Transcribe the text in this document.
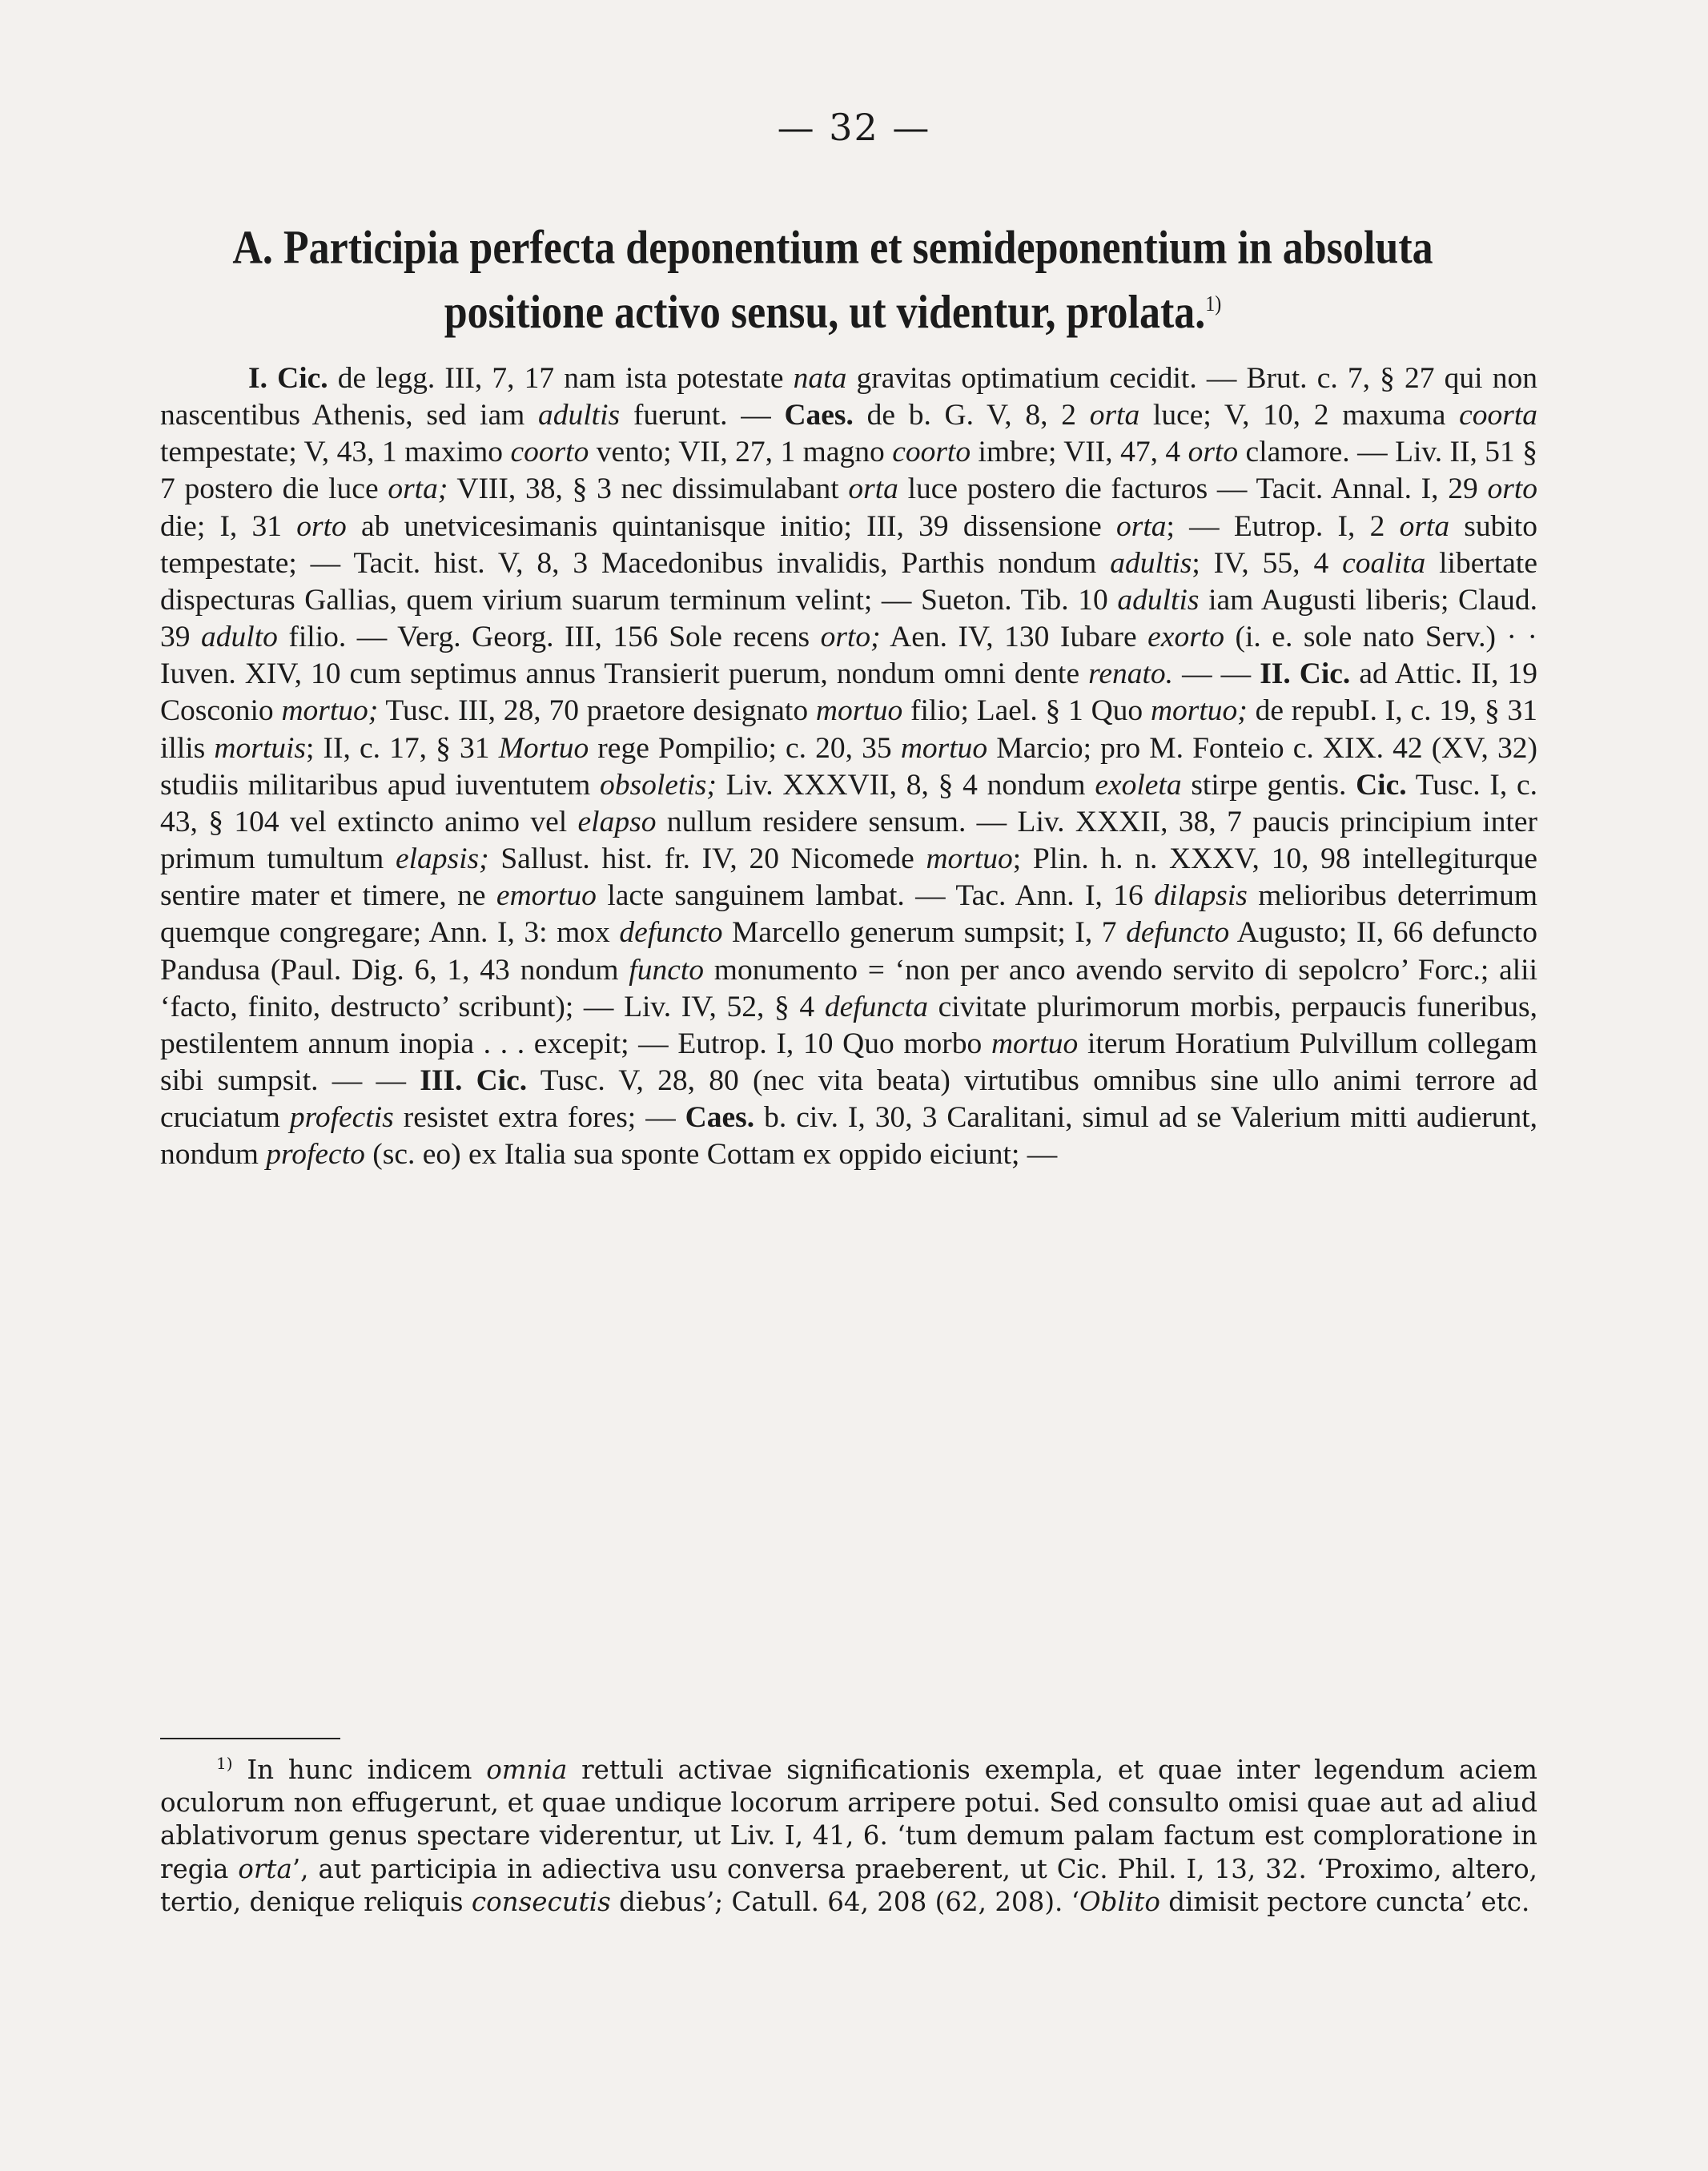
— 32 —
A. Participia perfecta deponentium et semideponentium in absoluta
positione activo sensu, ut videntur, prolata.$^{1)}$

I. Cic. de legg. III, 7, 17 nam ista potestate nata gravitas optimatium cecidit. — Brut. c. 7, § 27 qui non nascentibus Athenis, sed iam adultis fuerunt. — Caes. de b. G. V, 8, 2 orta luce; V, 10, 2 maxuma coorta tempestate; V, 43, 1 maximo coorto vento; VII, 27, 1 magno coorto imbre; VII, 47, 4 orto clamore. — Liv. II, 51 § 7 postero die luce orta; VIII, 38, § 3 nec dissimulabant orta luce postero die facturos — Tacit. Annal. I, 29 orto die; I, 31 orto ab unetvicesimanis quintanisque initio; III, 39 dissensione orta; — Eutrop. I, 2 orta subito tempestate; — Tacit. hist. V, 8, 3 Macedonibus invalidis, Parthis nondum adultis; IV, 55, 4 coalita libertate dispecturas Gallias, quem virium suarum terminum velint; — Sueton. Tib. 10 adultis iam Augusti liberis; Claud. 39 adulto filio. — Verg. Georg. III, 156 Sole recens orto; Aen. IV, 130 Iubare exorto (i. e. sole nato Serv.) · · Iuven. XIV, 10 cum septimus annus Transierit puerum, nondum omni dente renato. — — II. Cic. ad Attic. II, 19 Cosconio mortuo; Tusc. III, 28, 70 praetore designato mortuo filio; Lael. § 1 Quo mortuo; de repubI. I, c. 19, § 31 illis mortuis; II, c. 17, § 31 Mortuo rege Pompilio; c. 20, 35 mortuo Marcio; pro M. Fonteio c. XIX. 42 (XV, 32) studiis militaribus apud iuventutem obsoletis; Liv. XXXVII, 8, § 4 nondum exoleta stirpe gentis. Cic. Tusc. I, c. 43, § 104 vel extincto animo vel elapso nullum residere sensum. — Liv. XXXII, 38, 7 paucis principium inter primum tumultum elapsis; Sallust. hist. fr. IV, 20 Nicomede mortuo; Plin. h. n. XXXV, 10, 98 intellegiturque sentire mater et timere, ne emortuo lacte sanguinem lambat. — Tac. Ann. I, 16 dilapsis melioribus deterrimum quemque congregare; Ann. I, 3: mox defuncto Marcello generum sumpsit; I, 7 defuncto Augusto; II, 66 defuncto Pandusa (Paul. Dig. 6, 1, 43 nondum functo monumento = ‘non per anco avendo servito di sepolcro’ Forc.; alii ‘facto, finito, destructo’ scribunt); — Liv. IV, 52, § 4 defuncta civitate plurimorum morbis, perpaucis funeribus, pestilentem annum inopia . . . excepit; — Eutrop. I, 10 Quo morbo mortuo iterum Horatium Pulvillum collegam sibi sumpsit. — — III. Cic. Tusc. V, 28, 80 (nec vita beata) virtutibus omnibus sine ullo animi terrore ad cruciatum profectis resistet extra fores; — Caes. b. civ. I, 30, 3 Caralitani, simul ad se Valerium mitti audierunt, nondum profecto (sc. eo) ex Italia sua sponte Cottam ex oppido eiciunt; —

$^{1)}$ In hunc indicem omnia rettuli activae significationis exempla, et quae inter legendum aciem oculorum non effugerunt, et quae undique locorum arripere potui. Sed consulto omisi quae aut ad aliud ablativorum genus spectare viderentur, ut Liv. I, 41, 6. ‘tum demum palam factum est comploratione in regia orta’, aut participia in adiectiva usu conversa praeberent, ut Cic. Phil. I, 13, 32. ‘Proximo, altero, tertio, denique reliquis consecutis diebus’; Catull. 64, 208 (62, 208). ‘Oblito dimisit pectore cuncta’ etc.
